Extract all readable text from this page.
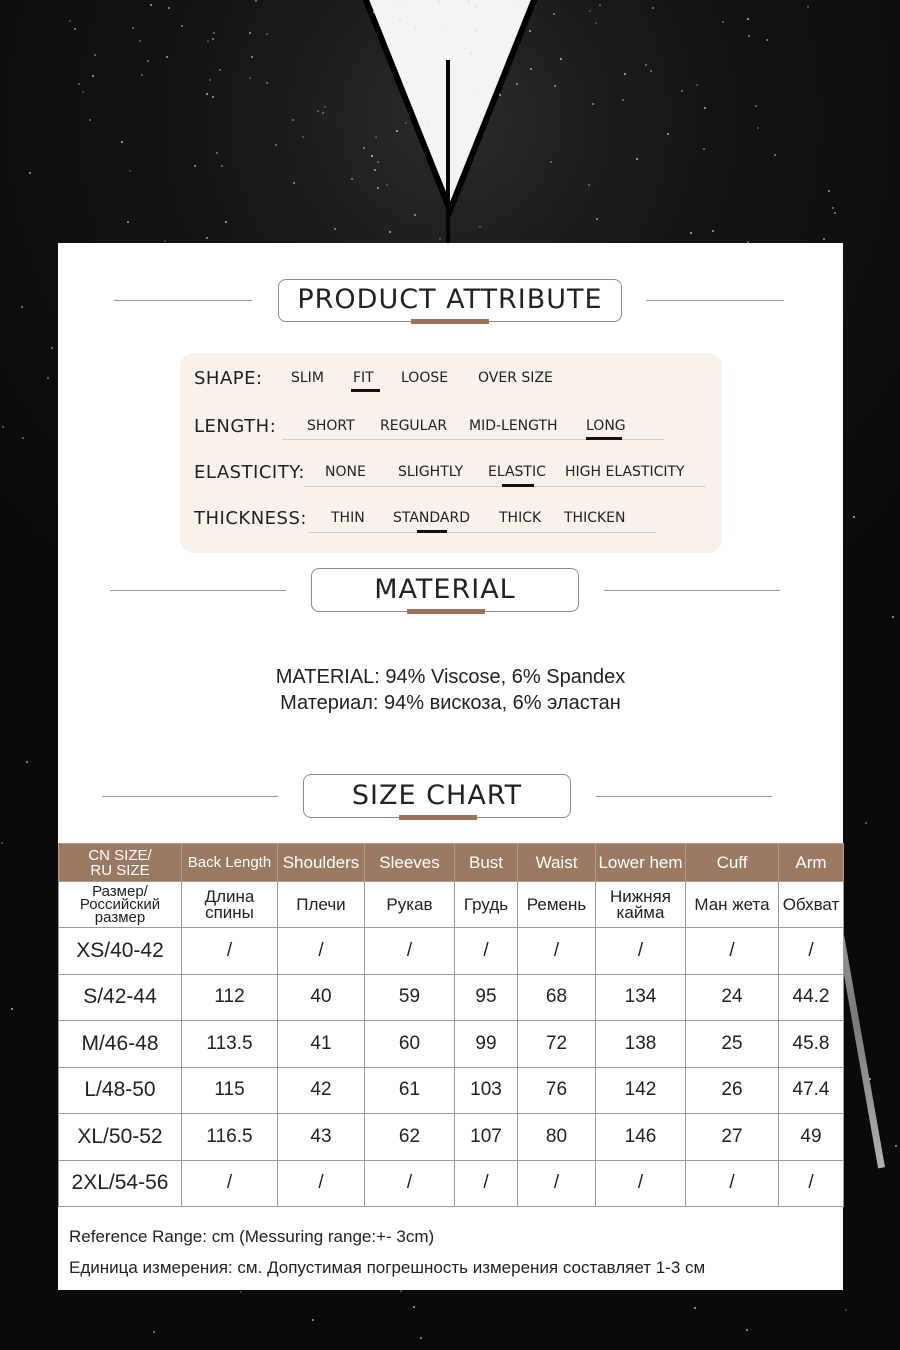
PRODUCT ATTRIBUTE
SHAPE: SLIM FIT LOOSE OVER SIZE
LENGTH: SHORT REGULAR MID-LENGTH LONG
ELASTICITY: NONE SLIGHTLY ELASTIC HIGH ELASTICITY
THICKNESS: THIN STANDARD THICK THICKEN
MATERIAL
MATERIAL: 94% Viscose, 6% Spandex
Материал: 94% вискоза, 6% эластан
SIZE CHART
CN SIZE/
RU SIZE	Back Length	Shoulders	Sleeves	Bust	Waist	Lower hem	Cuff	Arm
Размер/ Российский размер	Длина спины	Плечи	Рукав	Грудь	Ремень	Нижняя кайма	Ман жета	Обхват
XS/40-42	/	/	/	/	/	/	/	/
S/42-44	112	40	59	95	68	134	24	44.2
M/46-48	113.5	41	60	99	72	138	25	45.8
L/48-50	115	42	61	103	76	142	26	47.4
XL/50-52	116.5	43	62	107	80	146	27	49
2XL/54-56	/	/	/	/	/	/	/	/
Reference Range: cm (Messuring range:+- 3cm)
Единица измерения: см. Допустимая погрешность измерения составляет 1-3 см
